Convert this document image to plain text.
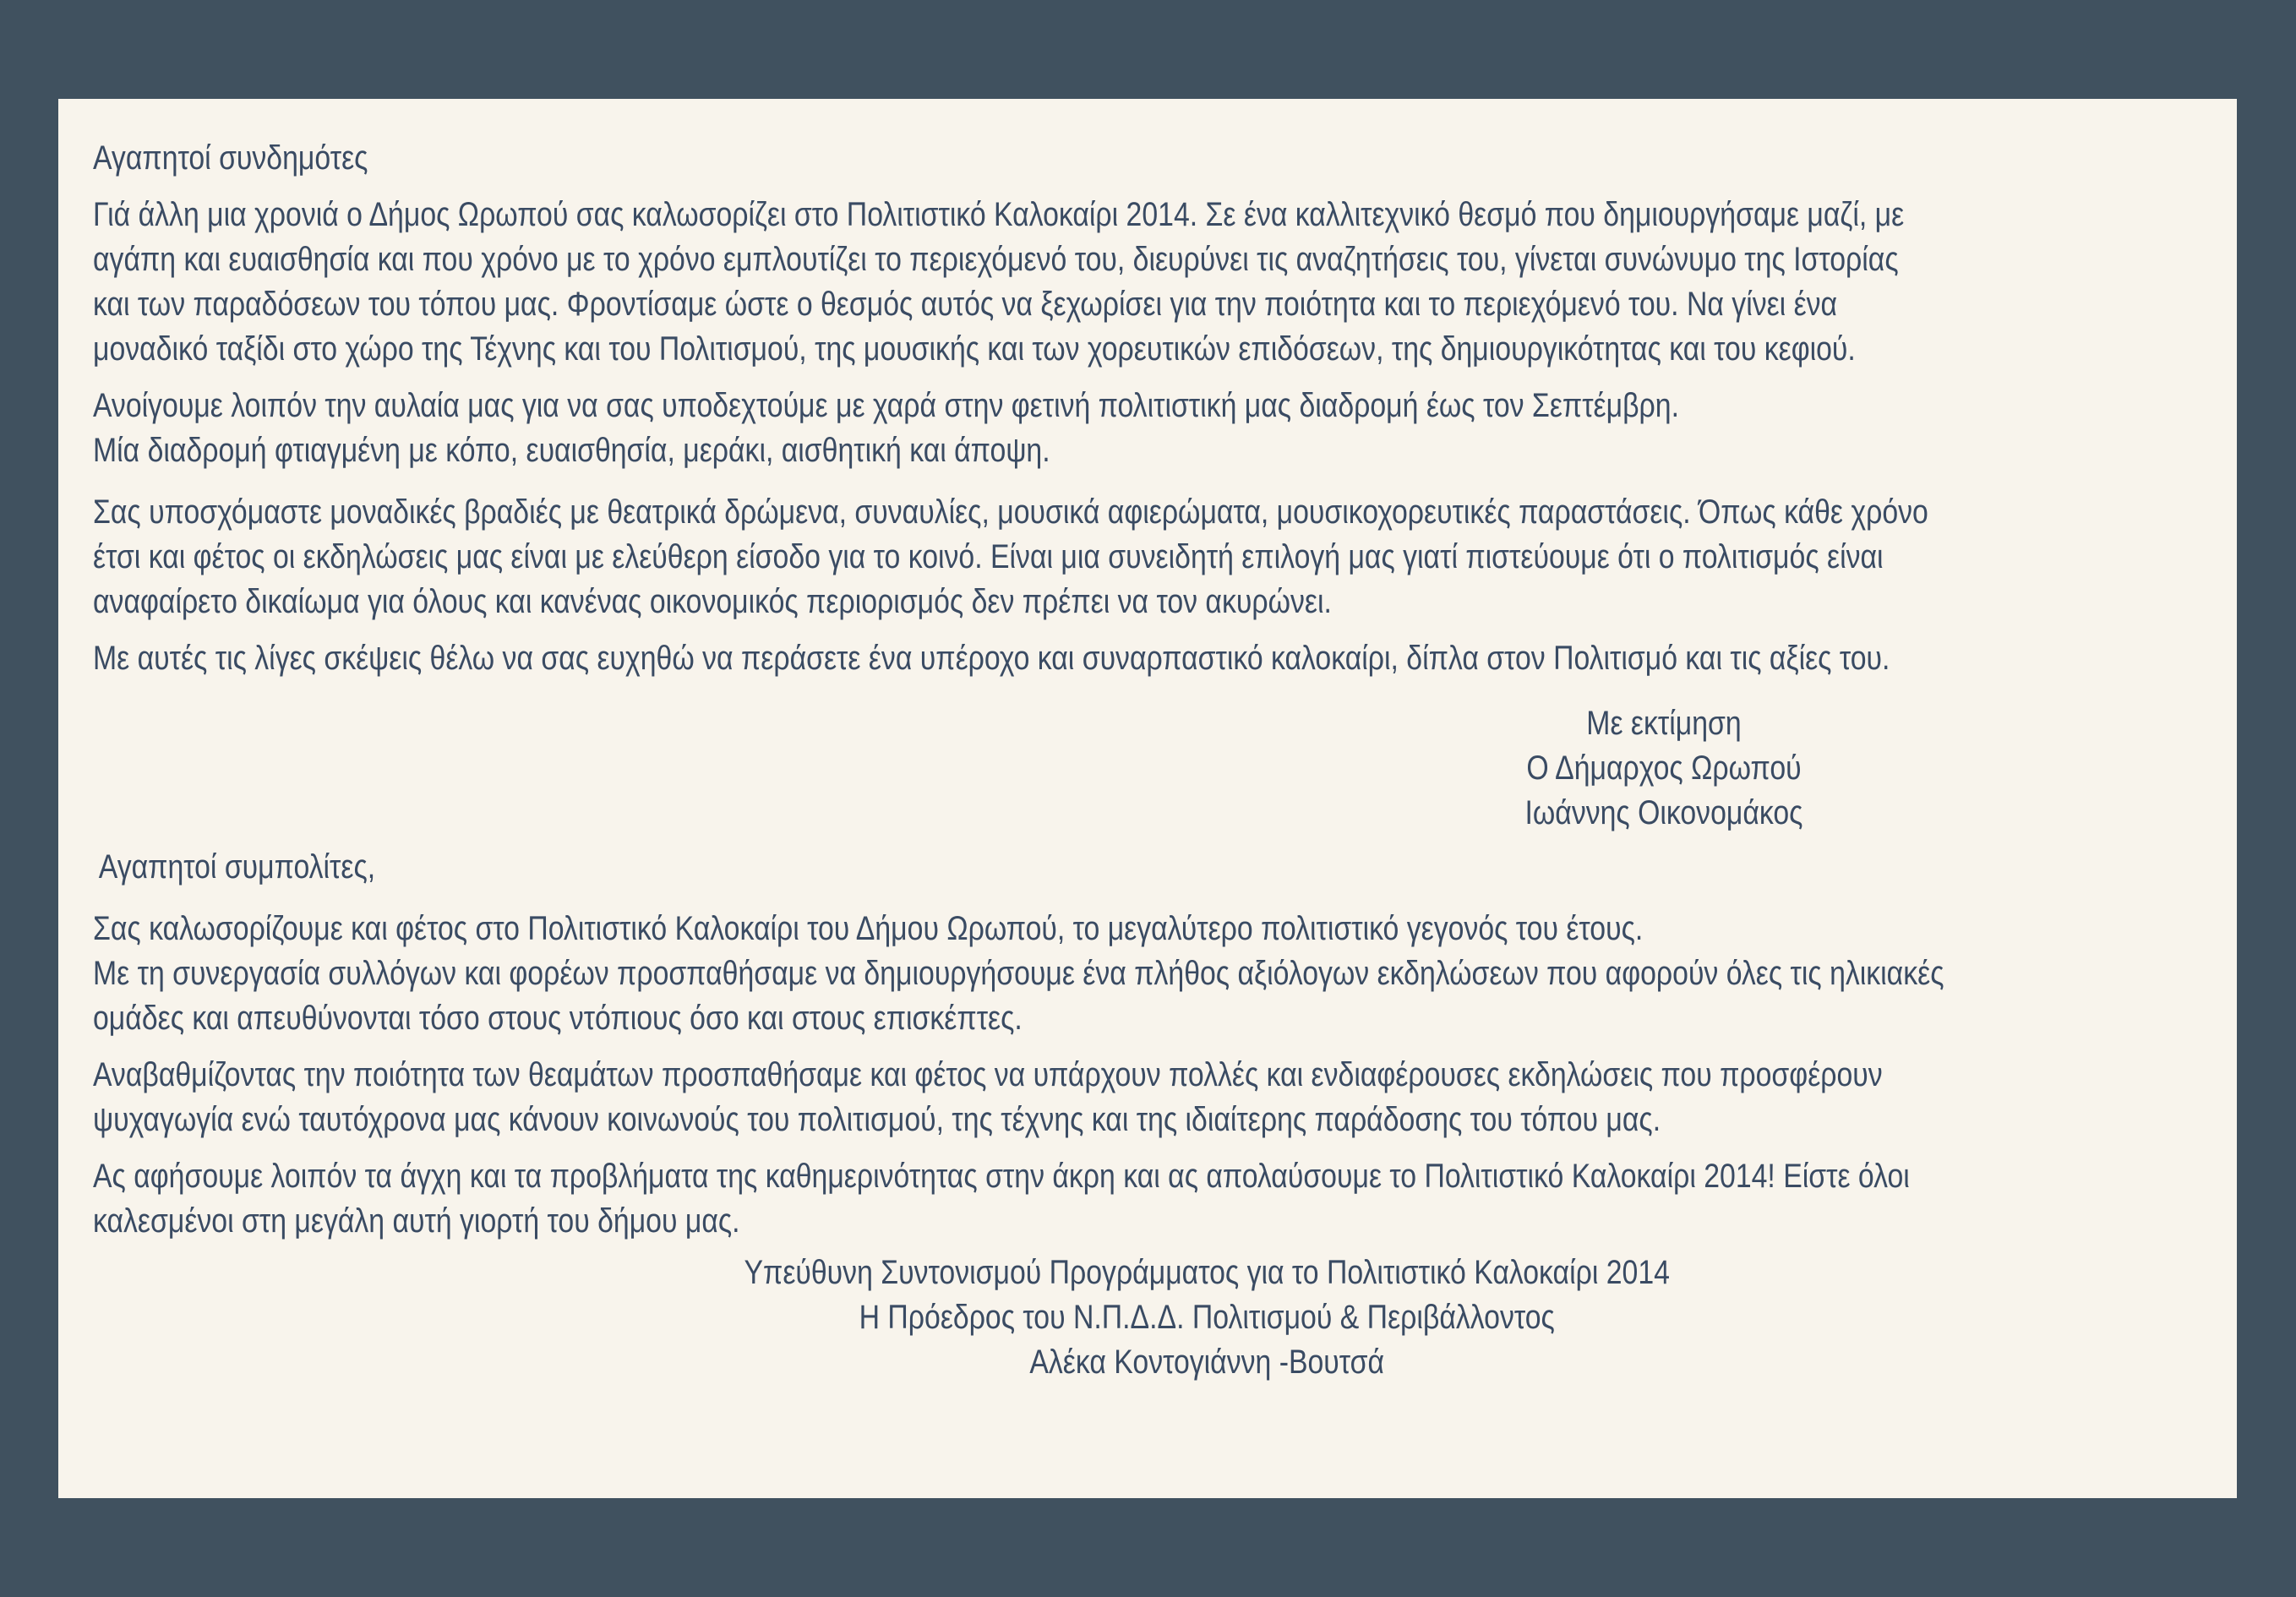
Αγαπητοί συνδημότες

Γιά άλλη μια χρονιά ο Δήμος Ωρωπού σας καλωσορίζει στο Πολιτιστικό Καλοκαίρι 2014. Σε ένα καλλιτεχνικό θεσμό που δημιουργήσαμε μαζί, με
αγάπη και ευαισθησία και που χρόνο με το χρόνο εμπλουτίζει το περιεχόμενό του, διευρύνει τις αναζητήσεις του, γίνεται συνώνυμο της Ιστορίας
και των παραδόσεων του τόπου μας. Φροντίσαμε ώστε ο θεσμός αυτός να ξεχωρίσει για την ποιότητα και το περιεχόμενό του. Να γίνει ένα
μοναδικό ταξίδι στο χώρο της Τέχνης και του Πολιτισμού, της μουσικής και των χορευτικών επιδόσεων, της δημιουργικότητας και του κεφιού.

Ανοίγουμε λοιπόν την αυλαία μας για να σας υποδεχτούμε με χαρά στην φετινή πολιτιστική μας διαδρομή έως τον Σεπτέμβρη.
Μία διαδρομή φτιαγμένη με κόπο, ευαισθησία, μεράκι, αισθητική και άποψη.

Σας υποσχόμαστε μοναδικές βραδιές με θεατρικά δρώμενα, συναυλίες, μουσικά αφιερώματα, μουσικοχορευτικές παραστάσεις. Όπως κάθε χρόνο
έτσι και φέτος οι εκδηλώσεις μας είναι με ελεύθερη είσοδο για το κοινό. Είναι μια συνειδητή επιλογή μας γιατί πιστεύουμε ότι ο πολιτισμός είναι
αναφαίρετο δικαίωμα για όλους και κανένας οικονομικός περιορισμός δεν πρέπει να τον ακυρώνει.

Με αυτές τις λίγες σκέψεις θέλω να σας ευχηθώ να περάσετε ένα υπέροχο και συναρπαστικό καλοκαίρι, δίπλα στον Πολιτισμό και τις αξίες του.

Με εκτίμηση
Ο Δήμαρχος Ωρωπού
Ιωάννης Οικονομάκος

Αγαπητοί συμπολίτες,

Σας καλωσορίζουμε και φέτος στο Πολιτιστικό Καλοκαίρι του Δήμου Ωρωπού, το μεγαλύτερο πολιτιστικό γεγονός του έτους.
Με τη συνεργασία συλλόγων και φορέων προσπαθήσαμε να δημιουργήσουμε ένα πλήθος αξιόλογων εκδηλώσεων που αφορούν όλες τις ηλικιακές
ομάδες και απευθύνονται τόσο στους ντόπιους όσο και στους επισκέπτες.

Αναβαθμίζοντας την ποιότητα των θεαμάτων προσπαθήσαμε και φέτος να υπάρχουν πολλές και ενδιαφέρουσες εκδηλώσεις που προσφέρουν
ψυχαγωγία ενώ ταυτόχρονα μας κάνουν κοινωνούς του πολιτισμού, της τέχνης και της ιδιαίτερης παράδοσης του τόπου μας.

Ας αφήσουμε λοιπόν τα άγχη και τα προβλήματα της καθημερινότητας στην άκρη και ας απολαύσουμε το Πολιτιστικό Καλοκαίρι 2014! Είστε όλοι
καλεσμένοι στη μεγάλη αυτή γιορτή του δήμου μας.

Υπεύθυνη Συντονισμού Προγράμματος για το Πολιτιστικό Καλοκαίρι 2014
Η Πρόεδρος του Ν.Π.Δ.Δ. Πολιτισμού & Περιβάλλοντος
Αλέκα Κοντογιάννη -Βουτσά
